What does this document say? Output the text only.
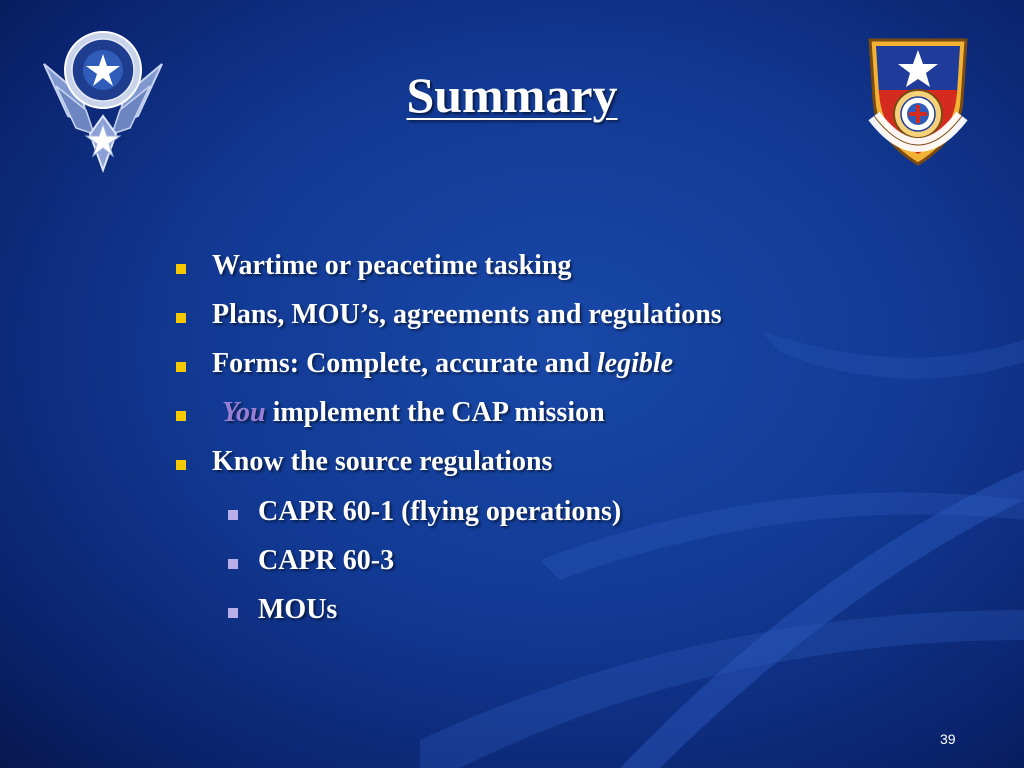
Summary
Wartime or peacetime tasking
Plans, MOU’s, agreements and regulations
Forms: Complete, accurate and legible
You implement the CAP mission
Know the source regulations
CAPR 60-1 (flying operations)
CAPR 60-3
MOUs
39
